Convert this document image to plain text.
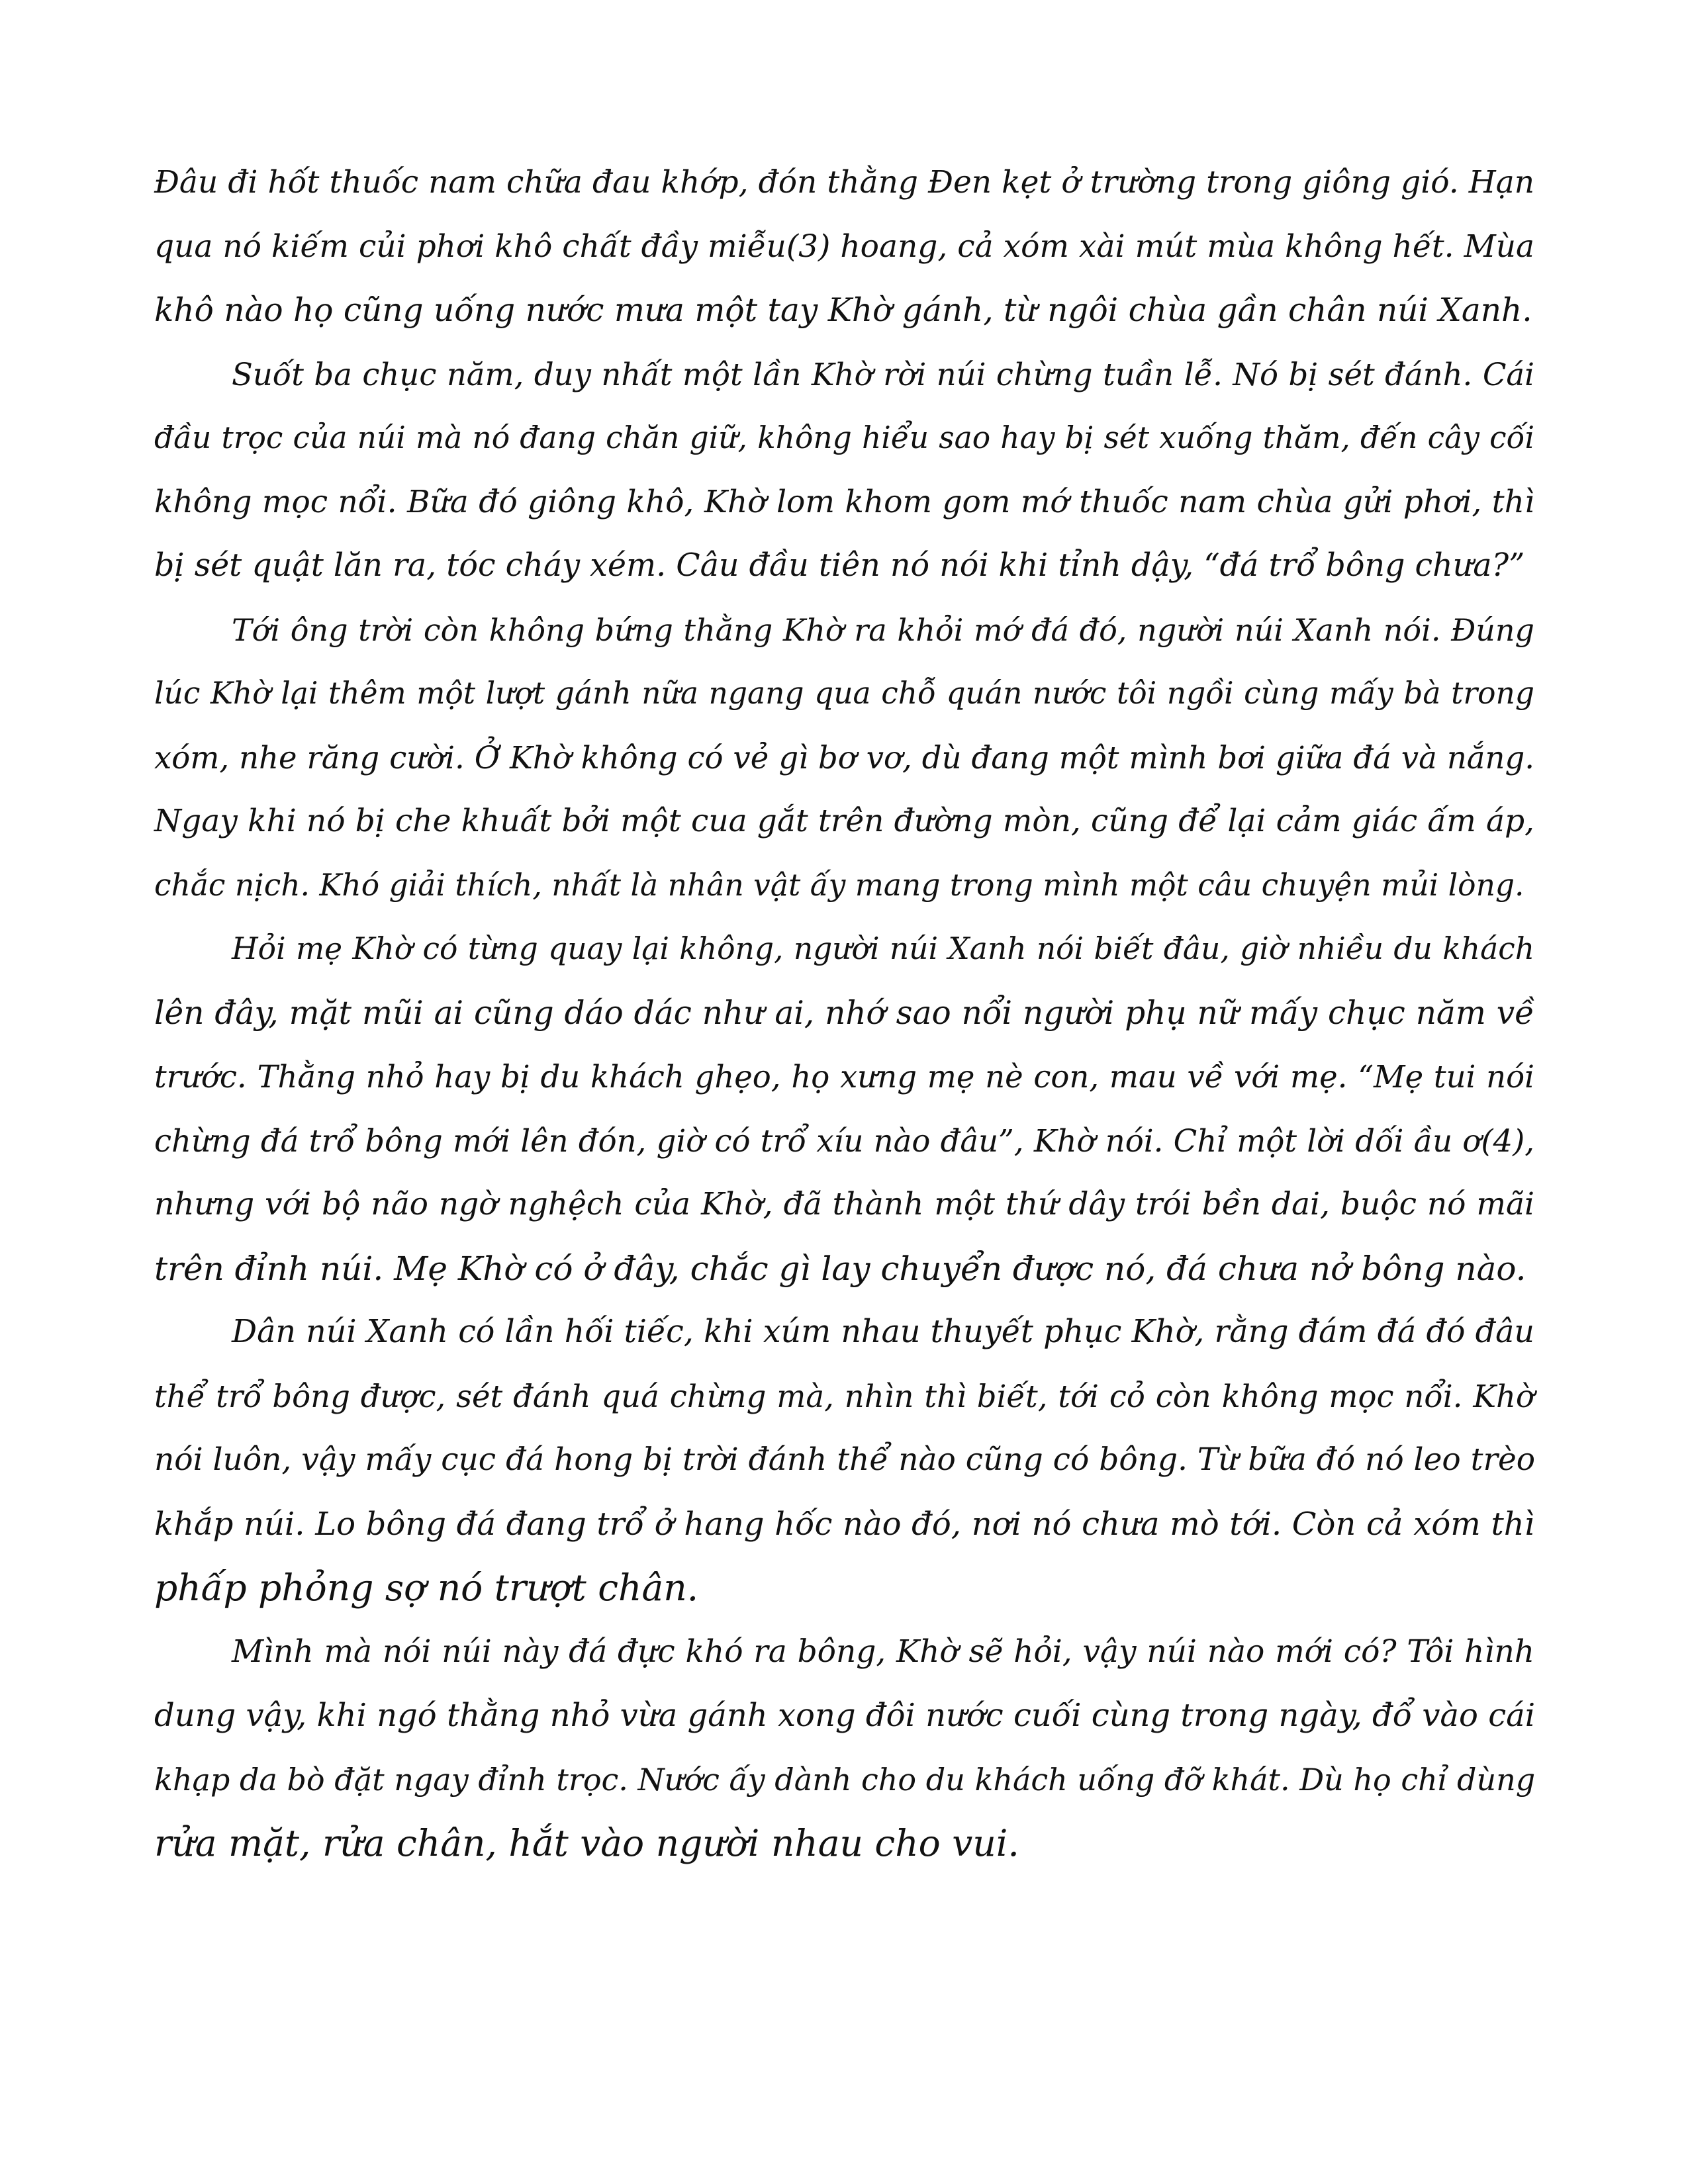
Đâu đi hốt thuốc nam chữa đau khớp, đón thằng Đen kẹt ở trường trong giông gió. Hạn
qua nó kiếm củi phơi khô chất đầy miễu(3) hoang, cả xóm xài mút mùa không hết. Mùa
khô nào họ cũng uống nước mưa một tay Khờ gánh, từ ngôi chùa gần chân núi Xanh.
Suốt ba chục năm, duy nhất một lần Khờ rời núi chừng tuần lễ. Nó bị sét đánh. Cái
đầu trọc của núi mà nó đang chăn giữ, không hiểu sao hay bị sét xuống thăm, đến cây cối
không mọc nổi. Bữa đó giông khô, Khờ lom khom gom mớ thuốc nam chùa gửi phơi, thì
bị sét quật lăn ra, tóc cháy xém. Câu đầu tiên nó nói khi tỉnh dậy, “đá trổ bông chưa?”
Tới ông trời còn không bứng thằng Khờ ra khỏi mớ đá đó, người núi Xanh nói. Đúng
lúc Khờ lại thêm một lượt gánh nữa ngang qua chỗ quán nước tôi ngồi cùng mấy bà trong
xóm, nhe răng cười. Ở Khờ không có vẻ gì bơ vơ, dù đang một mình bơi giữa đá và nắng.
Ngay khi nó bị che khuất bởi một cua gắt trên đường mòn, cũng để lại cảm giác ấm áp,
chắc nịch. Khó giải thích, nhất là nhân vật ấy mang trong mình một câu chuyện mủi lòng.
Hỏi mẹ Khờ có từng quay lại không, người núi Xanh nói biết đâu, giờ nhiều du khách
lên đây, mặt mũi ai cũng dáo dác như ai, nhớ sao nổi người phụ nữ mấy chục năm về
trước. Thằng nhỏ hay bị du khách ghẹo, họ xưng mẹ nè con, mau về với mẹ. “Mẹ tui nói
chừng đá trổ bông mới lên đón, giờ có trổ xíu nào đâu”, Khờ nói. Chỉ một lời dối ầu ơ(4),
nhưng với bộ não ngờ nghệch của Khờ, đã thành một thứ dây trói bền dai, buộc nó mãi
trên đỉnh núi. Mẹ Khờ có ở đây, chắc gì lay chuyển được nó, đá chưa nở bông nào.
Dân núi Xanh có lần hối tiếc, khi xúm nhau thuyết phục Khờ, rằng đám đá đó đâu
thể trổ bông được, sét đánh quá chừng mà, nhìn thì biết, tới cỏ còn không mọc nổi. Khờ
nói luôn, vậy mấy cục đá hong bị trời đánh thể nào cũng có bông. Từ bữa đó nó leo trèo
khắp núi. Lo bông đá đang trổ ở hang hốc nào đó, nơi nó chưa mò tới. Còn cả xóm thì
phấp phỏng sợ nó trượt chân.
Mình mà nói núi này đá đực khó ra bông, Khờ sẽ hỏi, vậy núi nào mới có? Tôi hình
dung vậy, khi ngó thằng nhỏ vừa gánh xong đôi nước cuối cùng trong ngày, đổ vào cái
khạp da bò đặt ngay đỉnh trọc. Nước ấy dành cho du khách uống đỡ khát. Dù họ chỉ dùng
rửa mặt, rửa chân, hắt vào người nhau cho vui.
